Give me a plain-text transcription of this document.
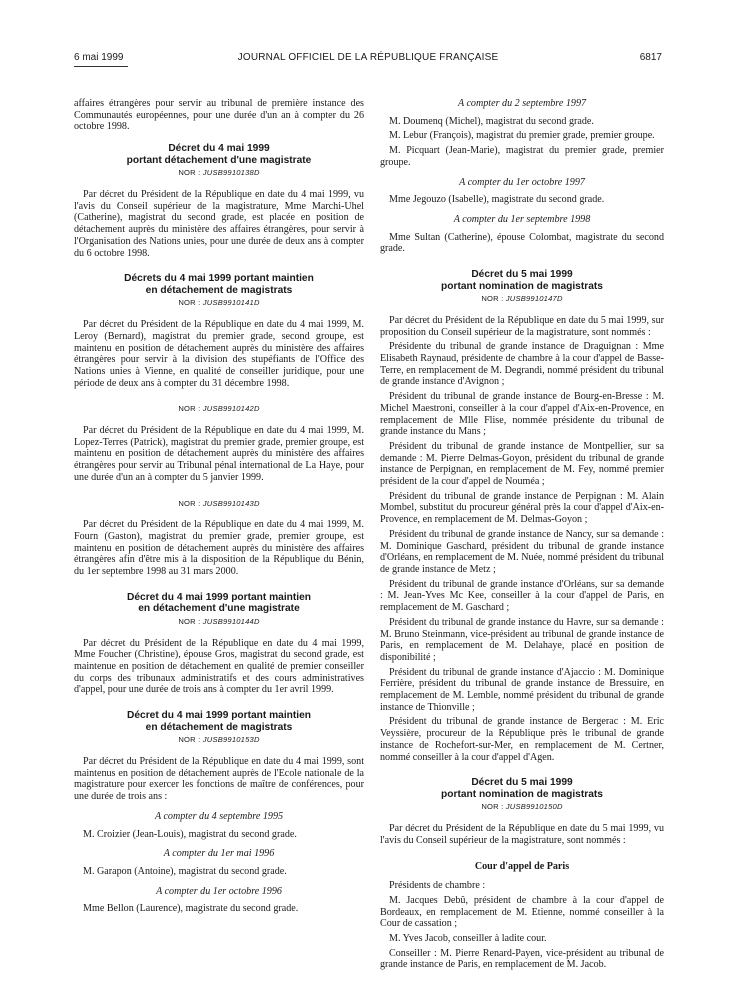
6 mai 1999	JOURNAL OFFICIEL DE LA RÉPUBLIQUE FRANÇAISE	6817

affaires étrangères pour servir au tribunal de première instance des Communautés européennes, pour une durée d'un an à compter du 26 octobre 1998.

Décret du 4 mai 1999
portant détachement d'une magistrate
NOR : JUSB9910138D

Par décret du Président de la République en date du 4 mai 1999, vu l'avis du Conseil supérieur de la magistrature, Mme Marchi-Uhel (Catherine), magistrat du second grade, est placée en position de détachement auprès du ministère des affaires étrangères, pour servir à l'Organisation des Nations unies, pour une durée de deux ans à compter du 6 octobre 1998.

Décrets du 4 mai 1999 portant maintien
en détachement de magistrats
NOR : JUSB9910141D

Par décret du Président de la République en date du 4 mai 1999, M. Leroy (Bernard), magistrat du premier grade, second groupe, est maintenu en position de détachement auprès du ministère des affaires étrangères pour servir à la division des stupéfiants de l'Office des Nations unies à Vienne, en qualité de conseiller juridique, pour une période de deux ans à compter du 31 décembre 1998.

NOR : JUSB9910142D

Par décret du Président de la République en date du 4 mai 1999, M. Lopez-Terres (Patrick), magistrat du premier grade, premier groupe, est maintenu en position de détachement auprès du ministère des affaires étrangères pour servir au Tribunal pénal international de La Haye, pour une durée d'un an à compter du 5 janvier 1999.

NOR : JUSB9910143D

Par décret du Président de la République en date du 4 mai 1999, M. Fourn (Gaston), magistrat du premier grade, premier groupe, est maintenu en position de détachement auprès du ministère des affaires étrangères afin d'être mis à la disposition de la République du Bénin, du 1er septembre 1998 au 31 mars 2000.

Décret du 4 mai 1999 portant maintien
en détachement d'une magistrate
NOR : JUSB9910144D

Par décret du Président de la République en date du 4 mai 1999, Mme Foucher (Christine), épouse Gros, magistrat du second grade, est maintenue en position de détachement en qualité de premier conseiller du corps des tribunaux administratifs et des cours administratives d'appel, pour une durée de trois ans à compter du 1er avril 1999.

Décret du 4 mai 1999 portant maintien
en détachement de magistrats
NOR : JUSB9910153D

Par décret du Président de la République en date du 4 mai 1999, sont maintenus en position de détachement auprès de l'Ecole nationale de la magistrature pour exercer les fonctions de maître de conférences, pour une durée de trois ans :

A compter du 4 septembre 1995

M. Croizier (Jean-Louis), magistrat du second grade.

A compter du 1er mai 1996

M. Garapon (Antoine), magistrat du second grade.

A compter du 1er octobre 1996

Mme Bellon (Laurence), magistrate du second grade.

A compter du 2 septembre 1997

M. Doumenq (Michel), magistrat du second grade.

M. Lebur (François), magistrat du premier grade, premier groupe.

M. Picquart (Jean-Marie), magistrat du premier grade, premier groupe.

A compter du 1er octobre 1997

Mme Jegouzo (Isabelle), magistrate du second grade.

A compter du 1er septembre 1998

Mme Sultan (Catherine), épouse Colombat, magistrate du second grade.

Décret du 5 mai 1999
portant nomination de magistrats
NOR : JUSB9910147D

Par décret du Président de la République en date du 5 mai 1999, sur proposition du Conseil supérieur de la magistrature, sont nommés :

Présidente du tribunal de grande instance de Draguignan : Mme Elisabeth Raynaud, présidente de chambre à la cour d'appel de Basse-Terre, en remplacement de M. Degrandi, nommé président du tribunal de grande instance d'Avignon ;

Président du tribunal de grande instance de Bourg-en-Bresse : M. Michel Maestroni, conseiller à la cour d'appel d'Aix-en-Provence, en remplacement de Mlle Flise, nommée présidente du tribunal de grande instance du Mans ;

Président du tribunal de grande instance de Montpellier, sur sa demande : M. Pierre Delmas-Goyon, président du tribunal de grande instance de Perpignan, en remplacement de M. Fey, nommé premier président de la cour d'appel de Nouméa ;

Président du tribunal de grande instance de Perpignan : M. Alain Mombel, substitut du procureur général près la cour d'appel d'Aix-en-Provence, en remplacement de M. Delmas-Goyon ;

Président du tribunal de grande instance de Nancy, sur sa demande : M. Dominique Gaschard, président du tribunal de grande instance d'Orléans, en remplacement de M. Nuée, nommé président du tribunal de grande instance de Metz ;

Président du tribunal de grande instance d'Orléans, sur sa demande : M. Jean-Yves Mc Kee, conseiller à la cour d'appel de Paris, en remplacement de M. Gaschard ;

Président du tribunal de grande instance du Havre, sur sa demande : M. Bruno Steinmann, vice-président au tribunal de grande instance de Paris, en remplacement de M. Delahaye, placé en position de disponibilité ;

Président du tribunal de grande instance d'Ajaccio : M. Dominique Ferrière, président du tribunal de grande instance de Bressuire, en remplacement de M. Lemble, nommé président du tribunal de grande instance de Thionville ;

Président du tribunal de grande instance de Bergerac : M. Eric Veyssière, procureur de la République près le tribunal de grande instance de Rochefort-sur-Mer, en remplacement de M. Certner, nommé conseiller à la cour d'appel d'Agen.

Décret du 5 mai 1999
portant nomination de magistrats
NOR : JUSB9910150D

Par décret du Président de la République en date du 5 mai 1999, vu l'avis du Conseil supérieur de la magistrature, sont nommés :

Cour d'appel de Paris

Présidents de chambre :

M. Jacques Debû, président de chambre à la cour d'appel de Bordeaux, en remplacement de M. Etienne, nommé conseiller à la Cour de cassation ;

M. Yves Jacob, conseiller à ladite cour.

Conseiller : M. Pierre Renard-Payen, vice-président au tribunal de grande instance de Paris, en remplacement de M. Jacob.
